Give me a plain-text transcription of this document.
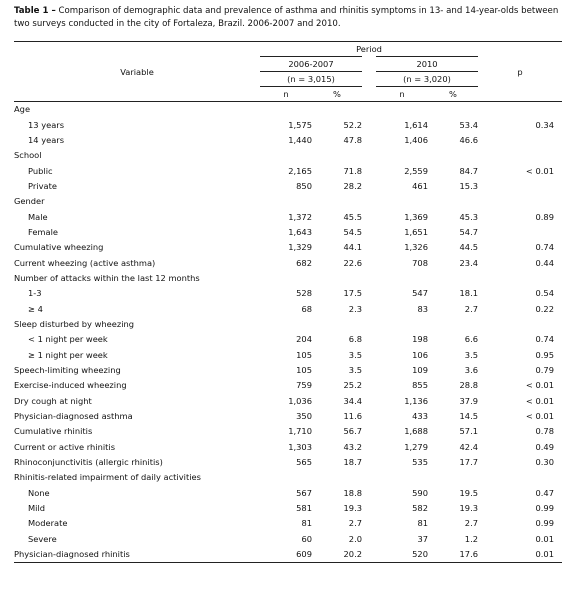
Table 1 – Comparison of demographic data and prevalence of asthma and rhinitis symptoms in 13- and 14-year-olds between two surveys conducted in the city of Fortaleza, Brazil. 2006-2007 and 2010.
Variable	Period					p
	2006-2007			2010		
	(n = 3,015)			(n = 3,020)		
	n	%		n	%	
Age						
13 years	1,575	52.2		1,614	53.4	0.34
14 years	1,440	47.8		1,406	46.6	
School						
Public	2,165	71.8		2,559	84.7	< 0.01
Private	850	28.2		461	15.3	
Gender						
Male	1,372	45.5		1,369	45.3	0.89
Female	1,643	54.5		1,651	54.7	
Cumulative wheezing	1,329	44.1		1,326	44.5	0.74
Current wheezing (active asthma)	682	22.6		708	23.4	0.44
Number of attacks within the last 12 months						
1-3	528	17.5		547	18.1	0.54
≥ 4	68	2.3		83	2.7	0.22
Sleep disturbed by wheezing						
< 1 night per week	204	6.8		198	6.6	0.74
≥ 1 night per week	105	3.5		106	3.5	0.95
Speech-limiting wheezing	105	3.5		109	3.6	0.79
Exercise-induced wheezing	759	25.2		855	28.8	< 0.01
Dry cough at night	1,036	34.4		1,136	37.9	< 0.01
Physician-diagnosed asthma	350	11.6		433	14.5	< 0.01
Cumulative rhinitis	1,710	56.7		1,688	57.1	0.78
Current or active rhinitis	1,303	43.2		1,279	42.4	0.49
Rhinoconjunctivitis (allergic rhinitis)	565	18.7		535	17.7	0.30
Rhinitis-related impairment of daily activities						
None	567	18.8		590	19.5	0.47
Mild	581	19.3		582	19.3	0.99
Moderate	81	2.7		81	2.7	0.99
Severe	60	2.0		37	1.2	0.01
Physician-diagnosed rhinitis	609	20.2		520	17.6	0.01
